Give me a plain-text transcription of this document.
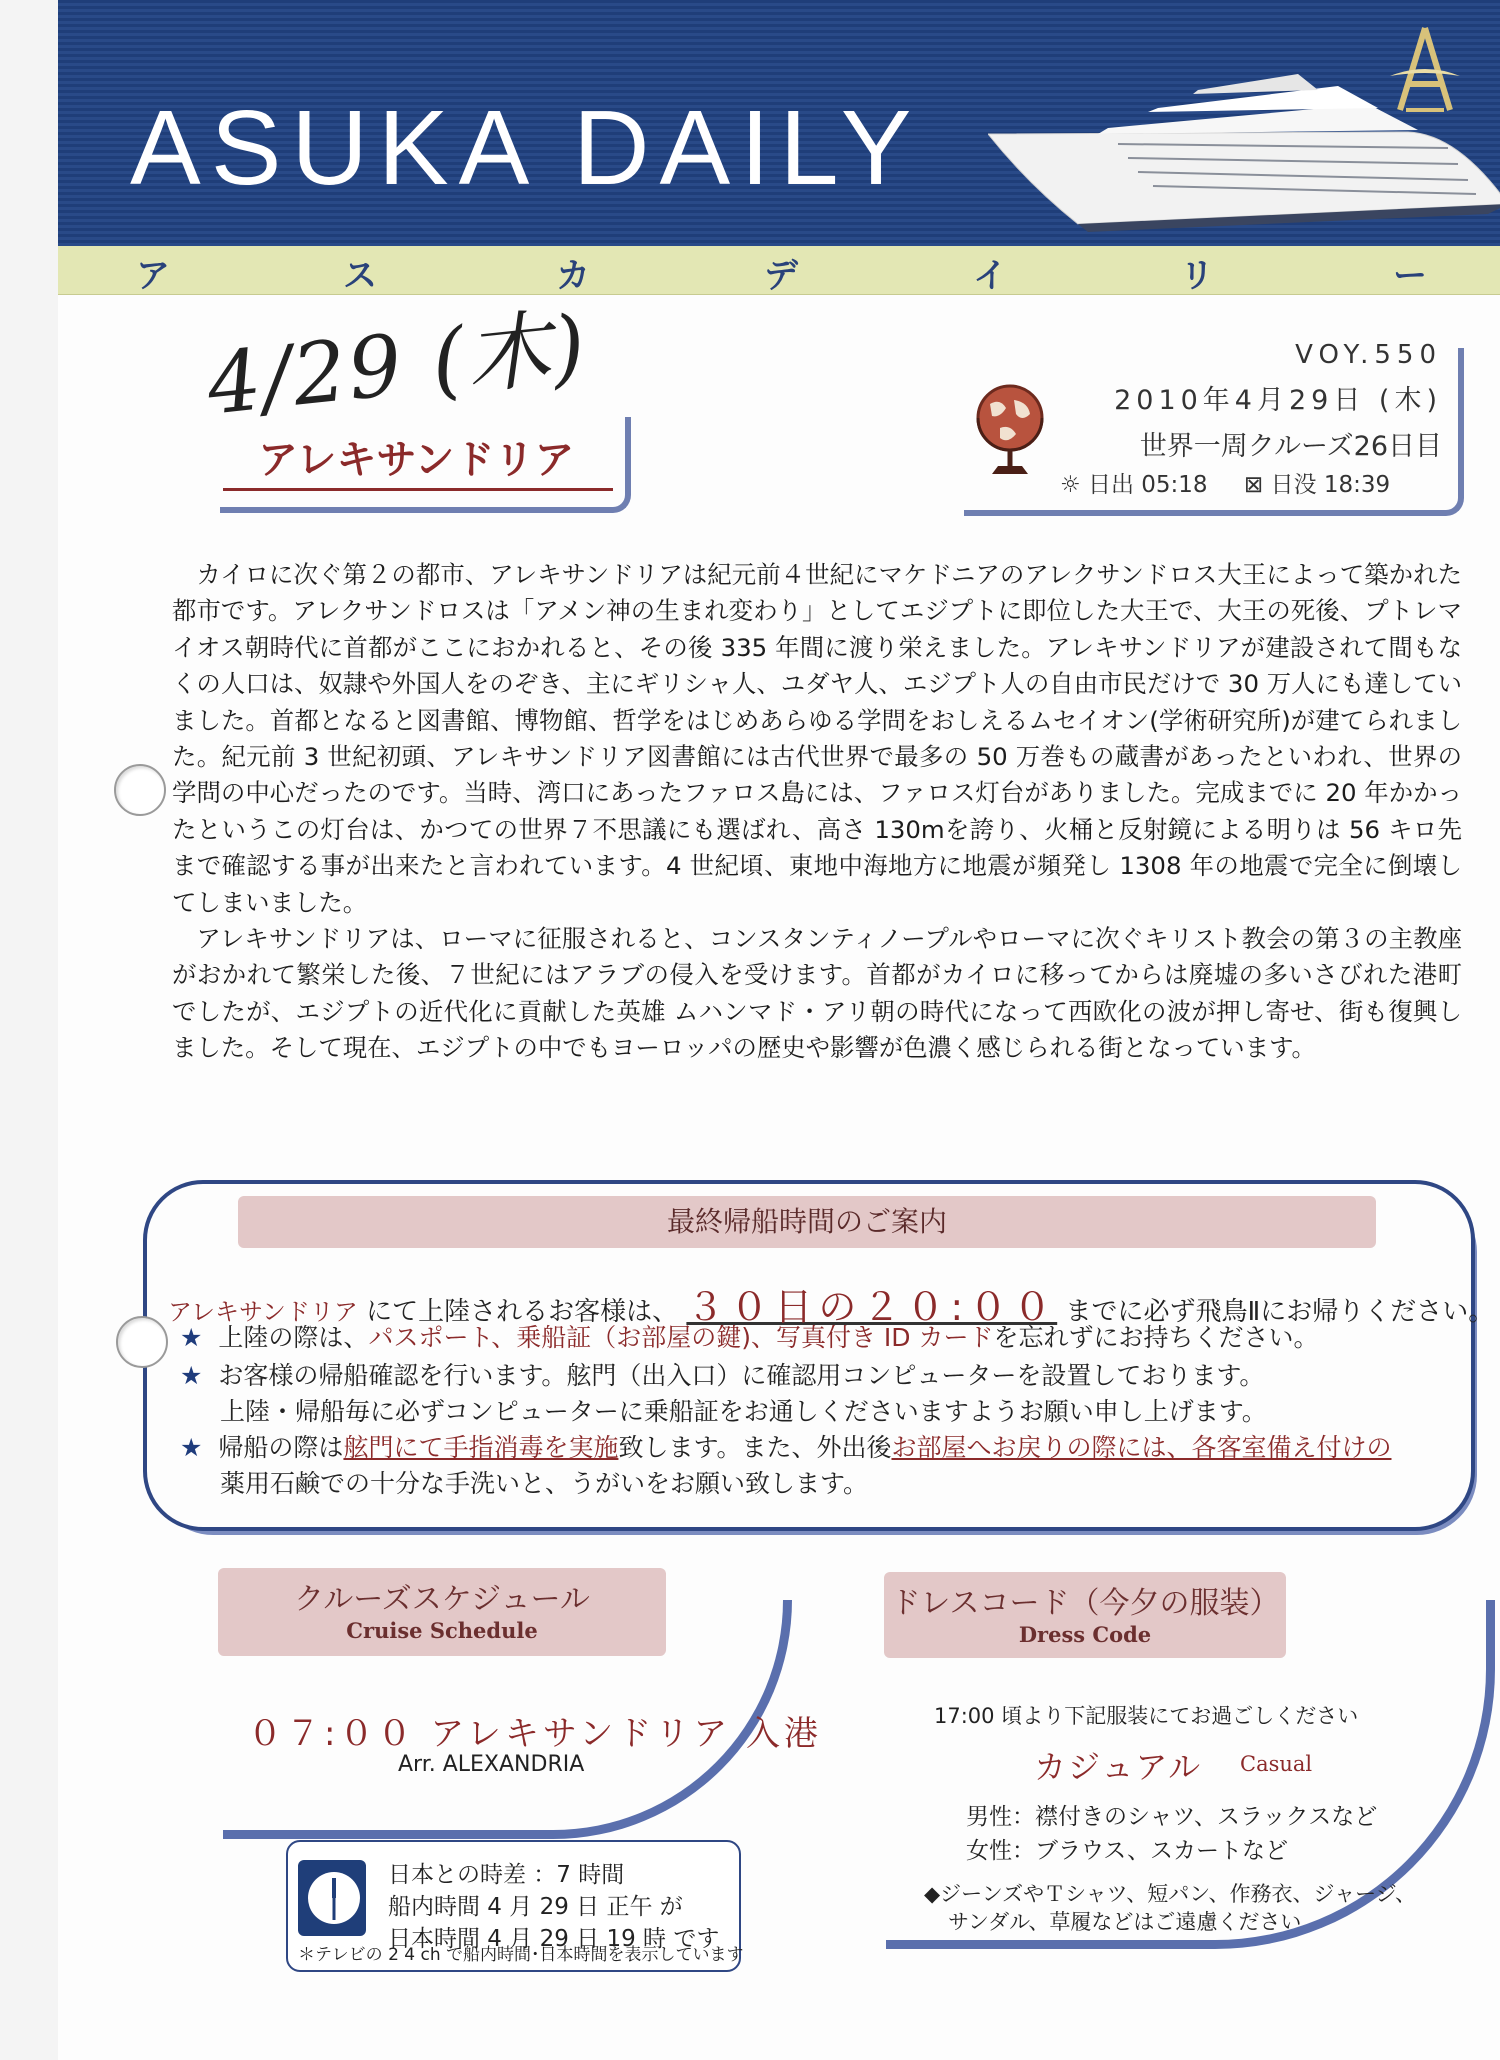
ASUKA DAILY
ア	ス	カ	デ	イ	リ	ー
4/29 (木)
アレキサンドリア
VOY.550
2010年4月29日 (木)
世界一周クルーズ26日目
☼ 日出 05:18 ⊠ 日没 18:39

カイロに次ぐ第２の都市、アレキサンドリアは紀元前４世紀にマケドニアのアレクサンドロス大王によって築かれた都市です。アレクサンドロスは「アメン神の生まれ変わり」としてエジプトに即位した大王で、大王の死後、プトレマイオス朝時代に首都がここにおかれると、その後 335 年間に渡り栄えました。アレキサンドリアが建設されて間もなくの人口は、奴隷や外国人をのぞき、主にギリシャ人、ユダヤ人、エジプト人の自由市民だけで 30 万人にも達していました。首都となると図書館、博物館、哲学をはじめあらゆる学問をおしえるムセイオン(学術研究所)が建てられました。紀元前 3 世紀初頭、アレキサンドリア図書館には古代世界で最多の 50 万巻もの蔵書があったといわれ、世界の学問の中心だったのです。当時、湾口にあったファロス島には、ファロス灯台がありました。完成までに 20 年かかったというこの灯台は、かつての世界７不思議にも選ばれ、高さ 130mを誇り、火桶と反射鏡による明りは 56 キロ先まで確認する事が出来たと言われています。4 世紀頃、東地中海地方に地震が頻発し 1308 年の地震で完全に倒壊してしまいました。

アレキサンドリアは、ローマに征服されると、コンスタンティノープルやローマに次ぐキリスト教会の第３の主教座がおかれて繁栄した後、７世紀にはアラブの侵入を受けます。首都がカイロに移ってからは廃墟の多いさびれた港町でしたが、エジプトの近代化に貢献した英雄 ムハンマド・アリ朝の時代になって西欧化の波が押し寄せ、街も復興しました。そして現在、エジプトの中でもヨーロッパの歴史や影響が色濃く感じられる街となっています。

最終帰船時間のご案内
アレキサンドリア にて上陸されるお客様は、 ３０日の２０:００ までに必ず飛鳥Ⅱにお帰りください。
★ 上陸の際は、パスポート、乗船証（お部屋の鍵)、写真付き ID カードを忘れずにお持ちください。
★ お客様の帰船確認を行います。舷門（出入口）に確認用コンピューターを設置しております。
上陸・帰船毎に必ずコンピューターに乗船証をお通しくださいますようお願い申し上げます。
★ 帰船の際は舷門にて手指消毒を実施致します。また、外出後お部屋へお戻りの際には、各客室備え付けの
薬用石鹸での十分な手洗いと、うがいをお願い致します。
クルーズスケジュール
Cruise Schedule
０７:００ アレキサンドリア 入港
Arr. ALEXANDRIA
日本との時差 ：7 時間
船内時間 4 月 29 日 正午 が
日本時間 4 月 29 日 19 時 です
＊テレビの 2 4 ch で船内時間･日本時間を表示しています
ドレスコード（今夕の服装）
Dress Code
17:00 頃より下記服装にてお過ごしください
カジュアル Casual
男性：襟付きのシャツ、スラックスなど
女性：ブラウス、スカートなど
◆ジーンズやＴシャツ、短パン、作務衣、ジャージ、
サンダル、草履などはご遠慮ください
